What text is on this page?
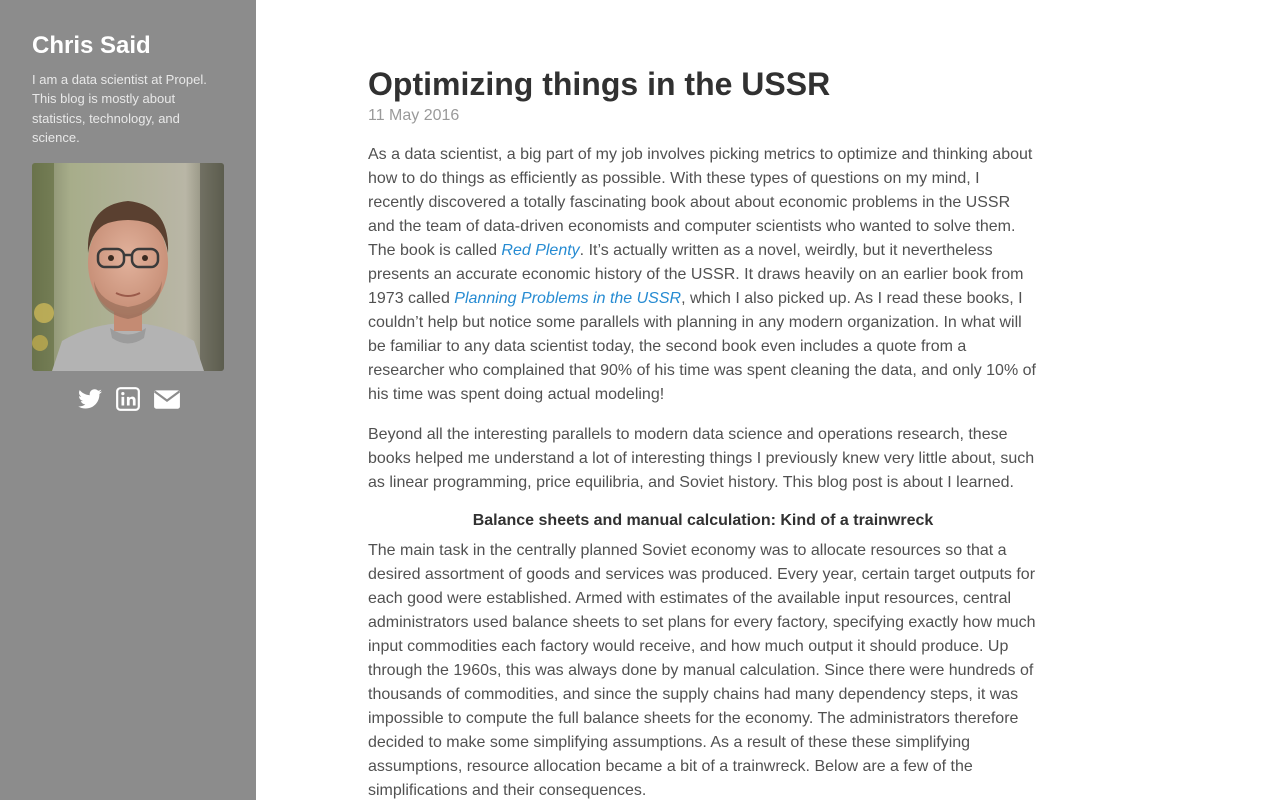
Chris Said

I am a data scientist at Propel. This blog is mostly about statistics, technology, and science.

Optimizing things in the USSR
11 May 2016

As a data scientist, a big part of my job involves picking metrics to optimize and thinking about how to do things as efficiently as possible. With these types of questions on my mind, I recently discovered a totally fascinating book about about economic problems in the USSR and the team of data-driven economists and computer scientists who wanted to solve them. The book is called Red Plenty. It’s actually written as a novel, weirdly, but it nevertheless presents an accurate economic history of the USSR. It draws heavily on an earlier book from 1973 called Planning Problems in the USSR, which I also picked up. As I read these books, I couldn’t help but notice some parallels with planning in any modern organization. In what will be familiar to any data scientist today, the second book even includes a quote from a researcher who complained that 90% of his time was spent cleaning the data, and only 10% of his time was spent doing actual modeling!

Beyond all the interesting parallels to modern data science and operations research, these books helped me understand a lot of interesting things I previously knew very little about, such as linear programming, price equilibria, and Soviet history. This blog post is about I learned.

Balance sheets and manual calculation: Kind of a trainwreck

The main task in the centrally planned Soviet economy was to allocate resources so that a desired assortment of goods and services was produced. Every year, certain target outputs for each good were established. Armed with estimates of the available input resources, central administrators used balance sheets to set plans for every factory, specifying exactly how much input commodities each factory would receive, and how much output it should produce. Up through the 1960s, this was always done by manual calculation. Since there were hundreds of thousands of commodities, and since the supply chains had many dependency steps, it was impossible to compute the full balance sheets for the economy. The administrators therefore decided to make some simplifying assumptions. As a result of these these simplifying assumptions, resource allocation became a bit of a trainwreck. Below are a few of the simplifications and their consequences.
